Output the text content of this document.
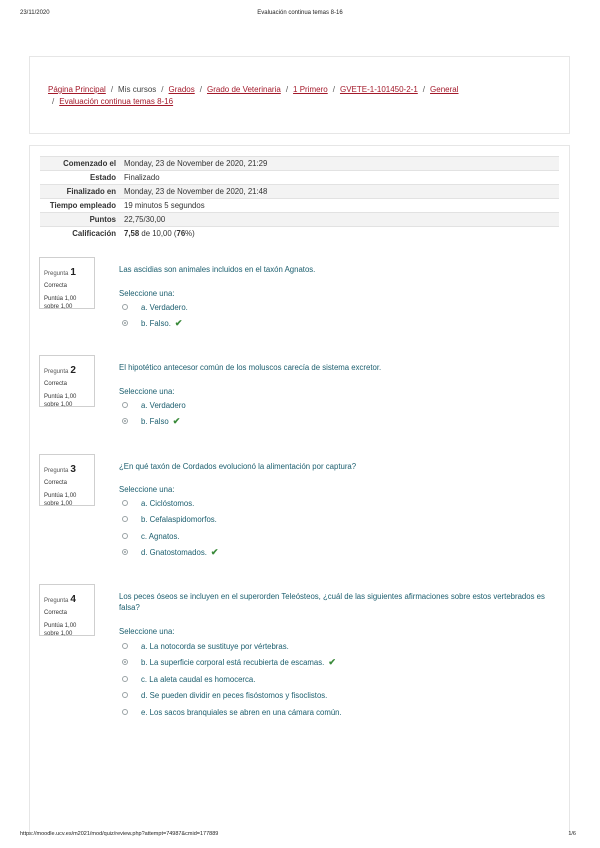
23/11/2020	Evaluación continua temas 8-16
Página Principal / Mis cursos / Grados / Grado de Veterinaria / 1 Primero / GVETE-1-101450-2-1 / General
/ Evaluación continua temas 8-16
Comenzado el	Monday, 23 de November de 2020, 21:29
Estado	Finalizado
Finalizado en	Monday, 23 de November de 2020, 21:48
Tiempo empleado	19 minutos 5 segundos
Puntos	22,75/30,00
Calificación	7,58 de 10,00 (76%)
Pregunta 1
Correcta
Puntúa 1,00
sobre 1,00
Las ascidias son animales incluidos en el taxón Agnatos.
Seleccione una:
a. Verdadero.
b. Falso. ✔
Pregunta 2
Correcta
Puntúa 1,00
sobre 1,00
El hipotético antecesor común de los moluscos carecía de sistema excretor.
Seleccione una:
a. Verdadero
b. Falso ✔
Pregunta 3
Correcta
Puntúa 1,00
sobre 1,00
¿En qué taxón de Cordados evolucionó la alimentación por captura?
Seleccione una:
a. Ciclóstomos.
b. Cefalaspidomorfos.
c. Agnatos.
d. Gnatostomados. ✔
Pregunta 4
Correcta
Puntúa 1,00
sobre 1,00
Los peces óseos se incluyen en el superorden Teleósteos, ¿cuál de las siguientes afirmaciones sobre estos vertebrados es falsa?
Seleccione una:
a. La notocorda se sustituye por vértebras.
b. La superficie corporal está recubierta de escamas. ✔
c. La aleta caudal es homocerca.
d. Se pueden dividir en peces fisóstomos y fisoclistos.
e. Los sacos branquiales se abren en una cámara común.
https://moodle.ucv.es/m2021/mod/quiz/review.php?attempt=74987&cmid=177889	1/6
